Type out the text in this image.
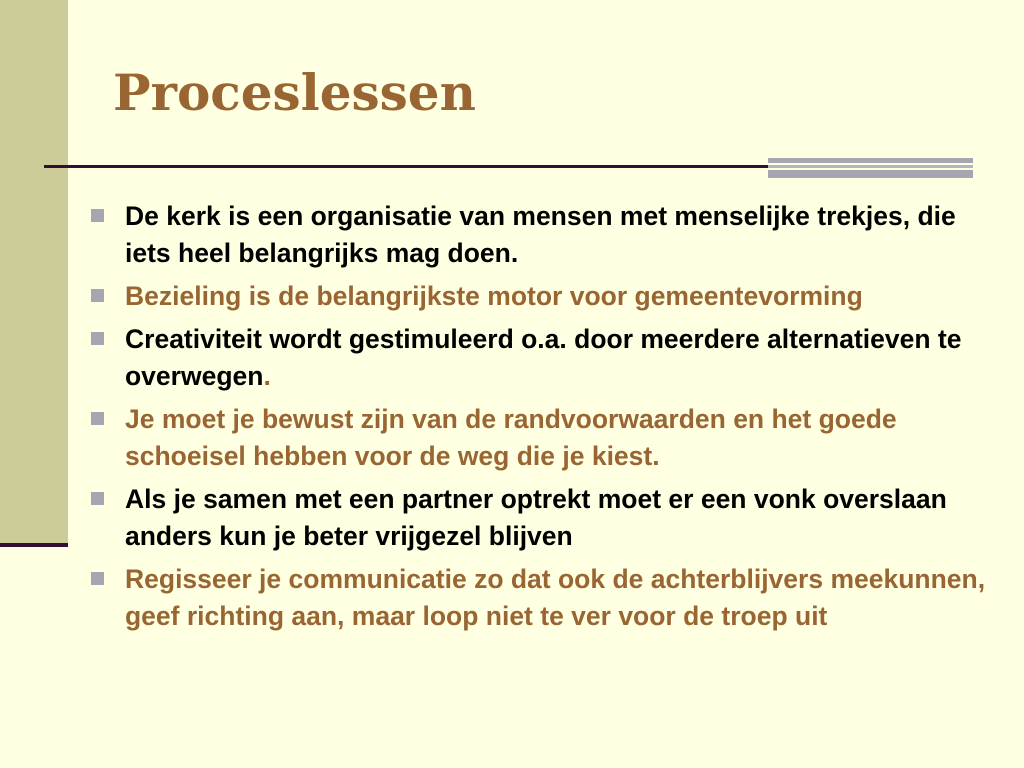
Proceslessen
De kerk is een organisatie van mensen met menselijke trekjes, die iets heel belangrijks mag doen.
Bezieling is de belangrijkste motor voor gemeentevorming
Creativiteit wordt gestimuleerd o.a. door meerdere alternatieven te overwegen.
Je moet je bewust zijn van de randvoorwaarden en het goede schoeisel hebben voor de weg die je kiest.
Als je samen met een partner optrekt moet er een vonk overslaan anders kun je beter vrijgezel blijven
Regisseer je communicatie zo dat ook de achterblijvers meekunnen, geef richting aan, maar loop niet te ver voor de troep uit
